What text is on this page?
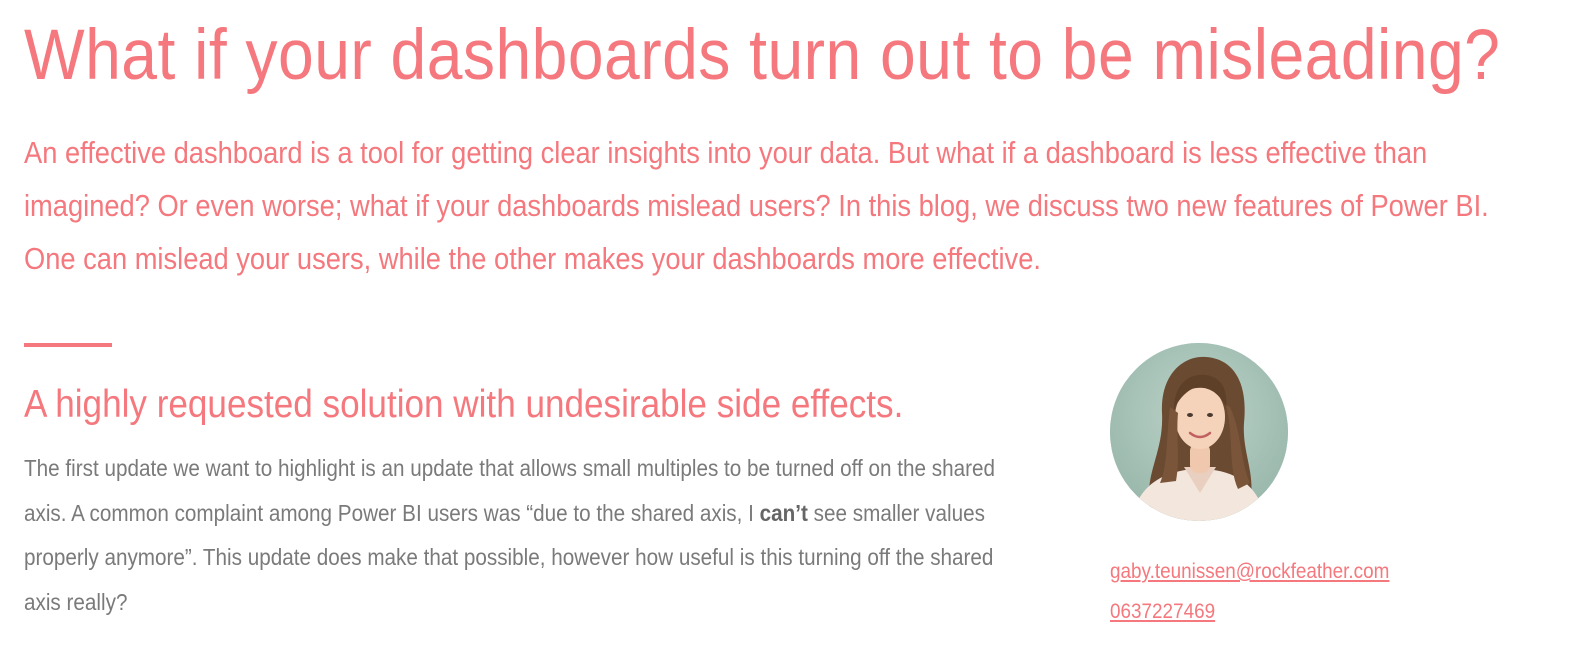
What if your dashboards turn out to be misleading?

An effective dashboard is a tool for getting clear insights into your data. But what if a dashboard is less effective than imagined? Or even worse; what if your dashboards mislead users? In this blog, we discuss two new features of Power BI. One can mislead your users, while the other makes your dashboards more effective.

A highly requested solution with undesirable side effects.

The first update we want to highlight is an update that allows small multiples to be turned off on the shared axis. A common complaint among Power BI users was “due to the shared axis, I can’t see smaller values properly anymore”. This update does make that possible, however how useful is this turning off the shared axis really?

gaby.teunissen@rockfeather.com
0637227469
